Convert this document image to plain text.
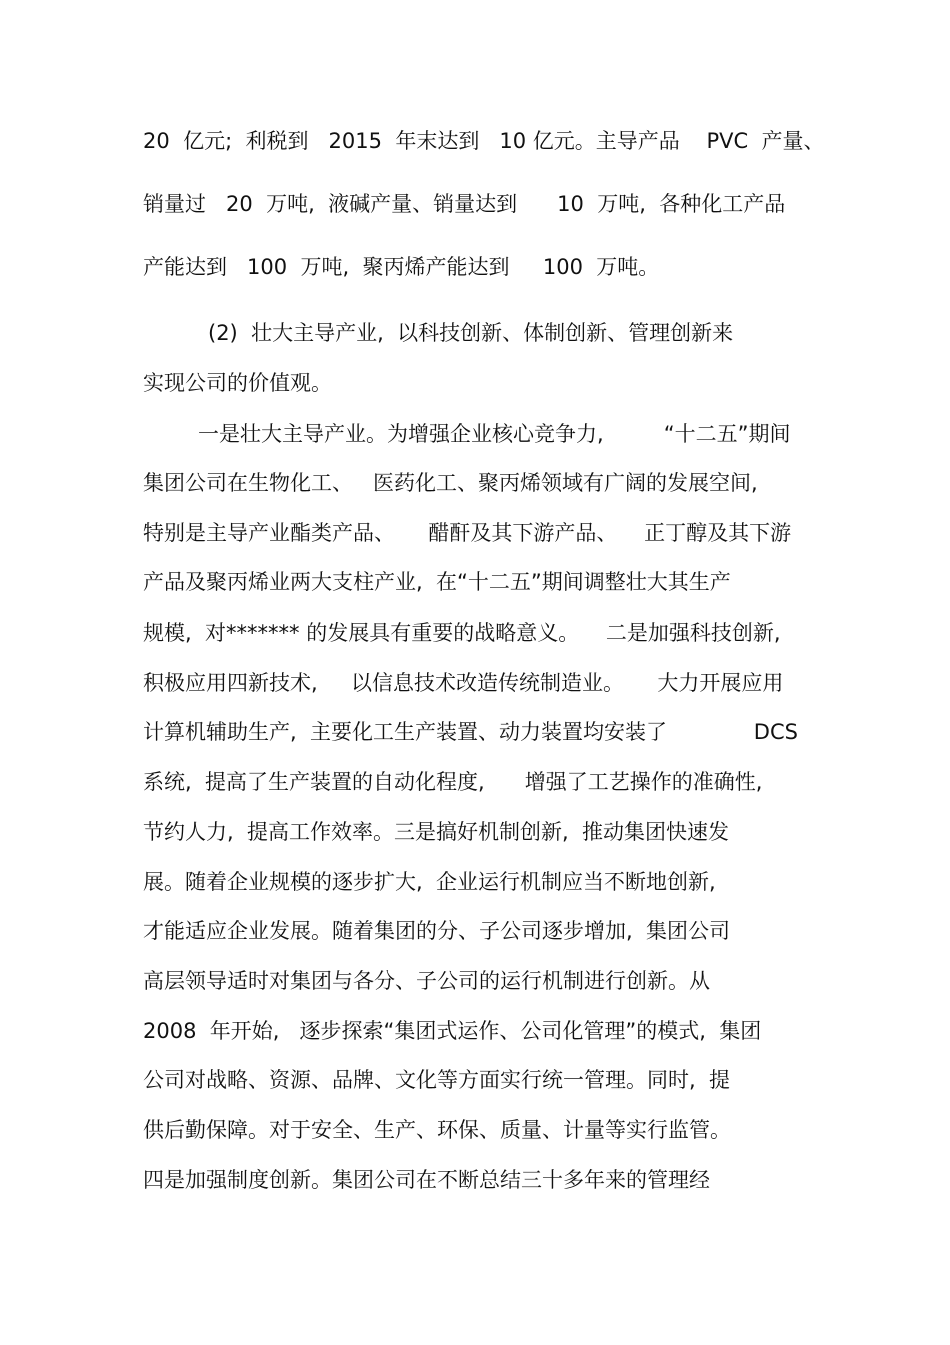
20  亿元;  利税到   2015  年末达到   10 亿元。主导产品    PVC  产量、
销量过   20  万吨,  液碱产量、销量达到      10  万吨,  各种化工产品
产能达到   100  万吨,  聚丙烯产能达到     100  万吨。
(2)  壮大主导产业,  以科技创新、体制创新、管理创新来
实现公司的价值观。
一是壮大主导产业。为增强企业核心竞争力,         “十二五”期间
集团公司在生物化工、   医药化工、聚丙烯领域有广阔的发展空间,
特别是主导产业酯类产品、     醋酐及其下游产品、    正丁醇及其下游
产品及聚丙烯业两大支柱产业,  在“十二五”期间调整壮大其生产
规模,  对******* 的发展具有重要的战略意义。    二是加强科技创新,
积极应用四新技术,     以信息技术改造传统制造业。     大力开展应用
计算机辅助生产,  主要化工生产装置、动力装置均安装了             DCS
系统,  提高了生产装置的自动化程度,      增强了工艺操作的准确性,
节约人力,  提高工作效率。三是搞好机制创新,  推动集团快速发
展。随着企业规模的逐步扩大,  企业运行机制应当不断地创新,
才能适应企业发展。随着集团的分、子公司逐步增加,  集团公司
高层领导适时对集团与各分、子公司的运行机制进行创新。从
2008  年开始,   逐步探索“集团式运作、公司化管理”的模式,  集团
公司对战略、资源、品牌、文化等方面实行统一管理。同时,  提
供后勤保障。对于安全、生产、环保、质量、计量等实行监管。
四是加强制度创新。集团公司在不断总结三十多年来的管理经
